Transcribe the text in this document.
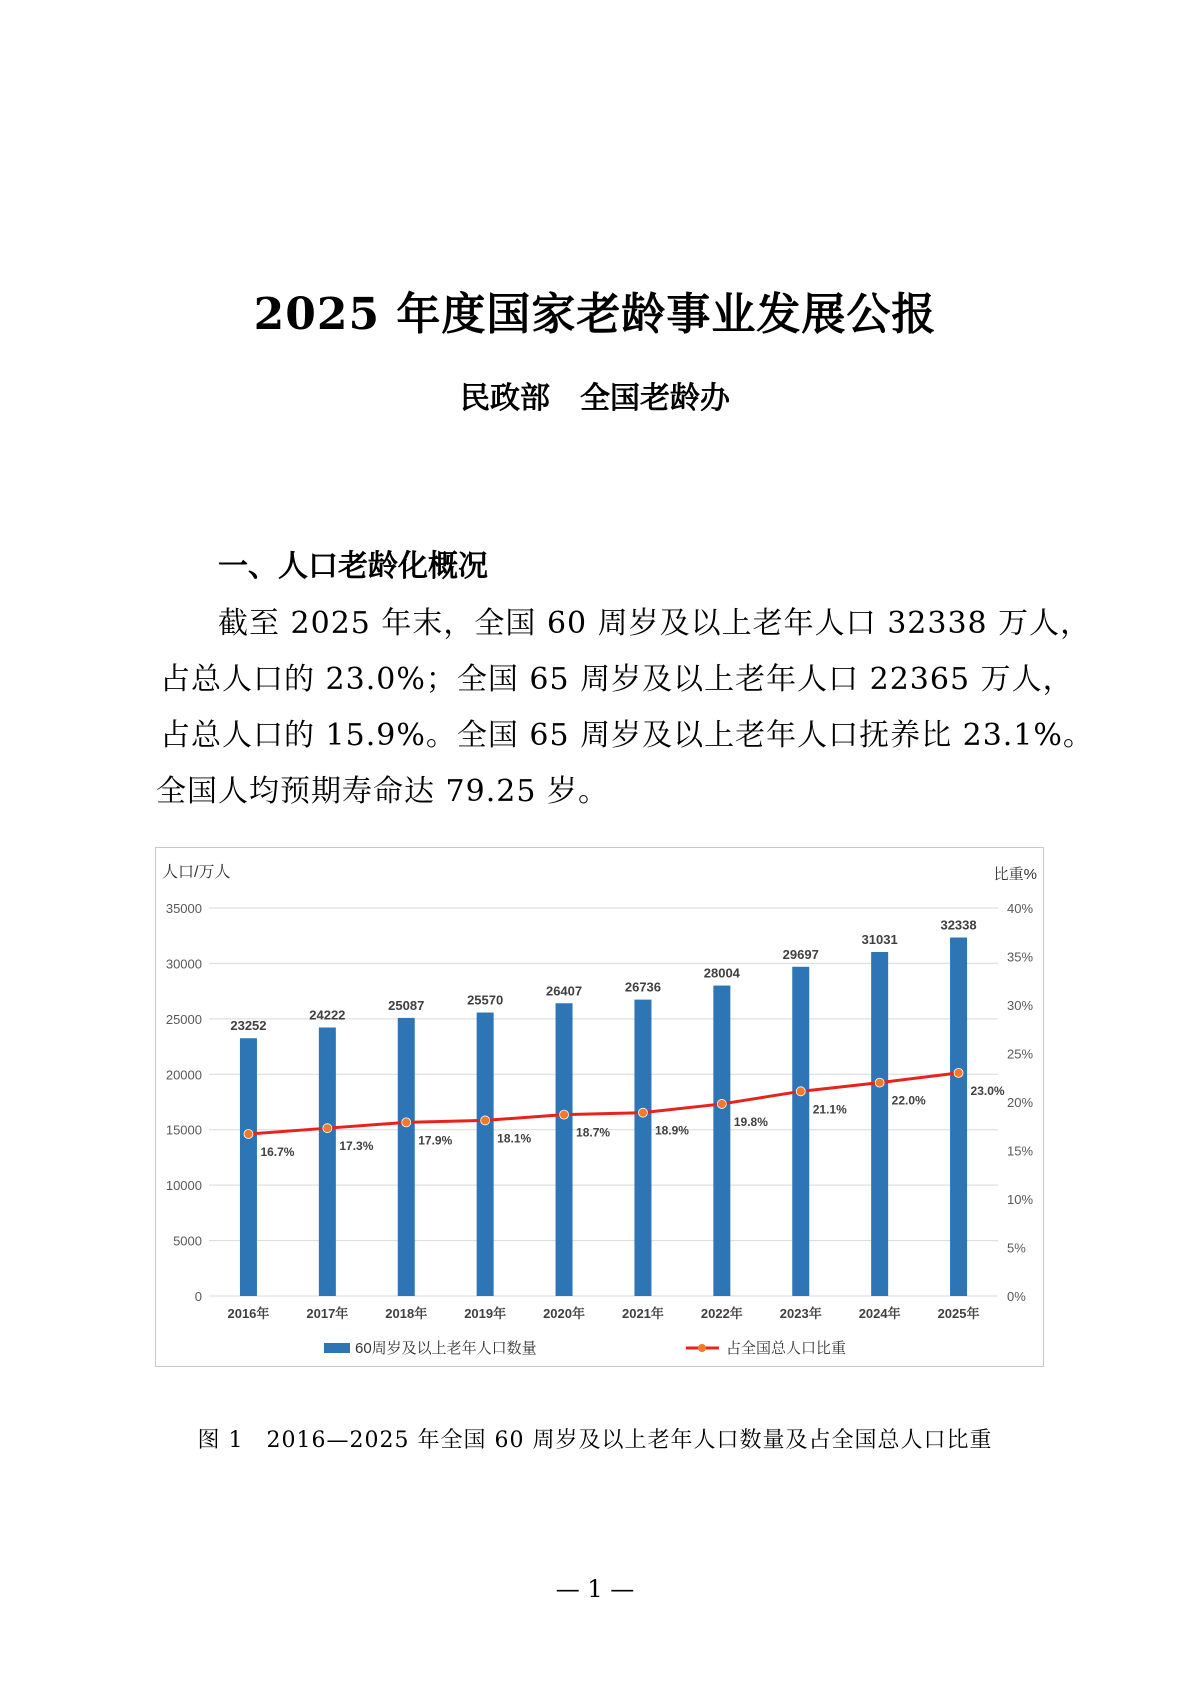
2025 年度国家老龄事业发展公报
民政部　全国老龄办
一、人口老龄化概况
截至 2025 年末，全国 60 周岁及以上老年人口 32338 万人，
占总人口的 23.0%；全国 65 周岁及以上老年人口 22365 万人，
占总人口的 15.9%。全国 65 周岁及以上老年人口抚养比 23.1%。
全国人均预期寿命达 79.25 岁。
人口/万人	比重%
0
5000
10000
15000
20000
25000
30000
35000
0%
5%
10%
15%
20%
25%
30%
35%
40%
23252
24222
25087	25570
26407	26736
28004
29697
31031
32338
2016年	2017年	2018年	2019年	2020年	2021年	2022年	2023年	2024年	2025年
16.7%	17.3%	17.9%	18.1%	18.7%	18.9%
19.8%
21.1%
22.0%
23.0%
60周岁及以上老年人口数量	占全国总人口比重
图 1　2016—2025 年全国 60 周岁及以上老年人口数量及占全国总人口比重
— 1 —
